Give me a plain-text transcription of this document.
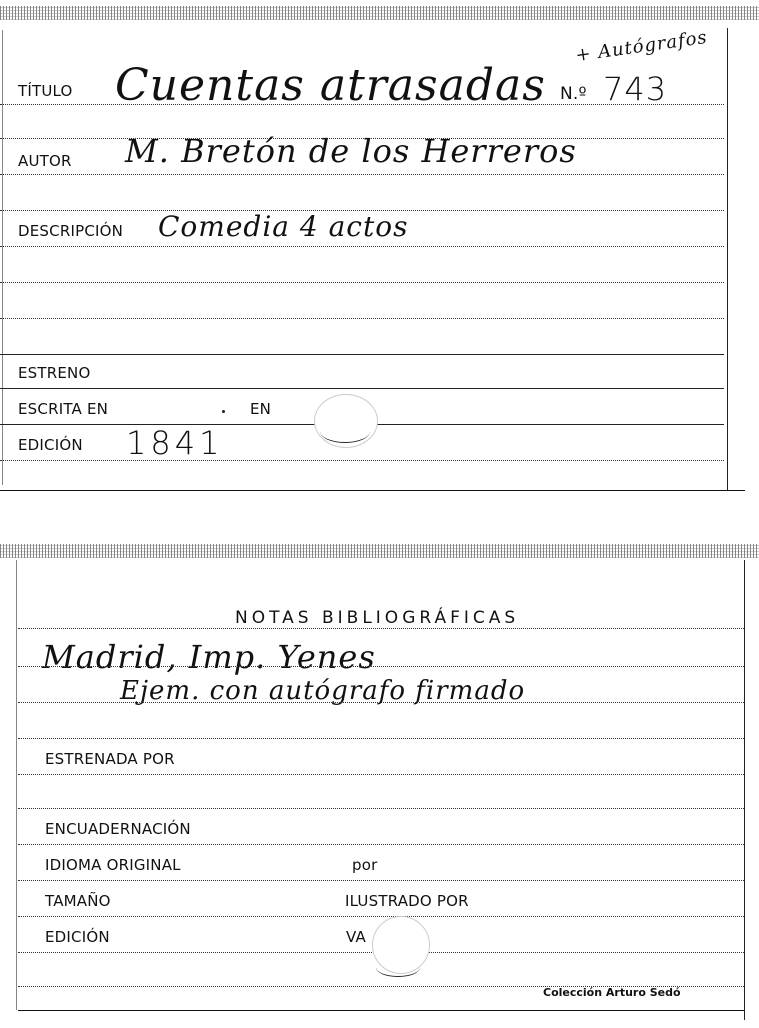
+ Autógrafos
TÍTULO Cuentas atrasadas N.º 743
AUTOR M. Bretón de los Herreros
DESCRIPCIÓN Comedia 4 actos
ESTRENO
ESCRITA EN	EN
EDICIÓN 1841
NOTAS BIBLIOGRÁFICAS
Madrid, Imp. Yenes
Ejem. con autógrafo firmado
ESTRENADA POR
ENCUADERNACIÓN
IDIOMA ORIGINAL	por
TAMAÑO	ILUSTRADO POR
EDICIÓN	VA
Colección Arturo Sedó
